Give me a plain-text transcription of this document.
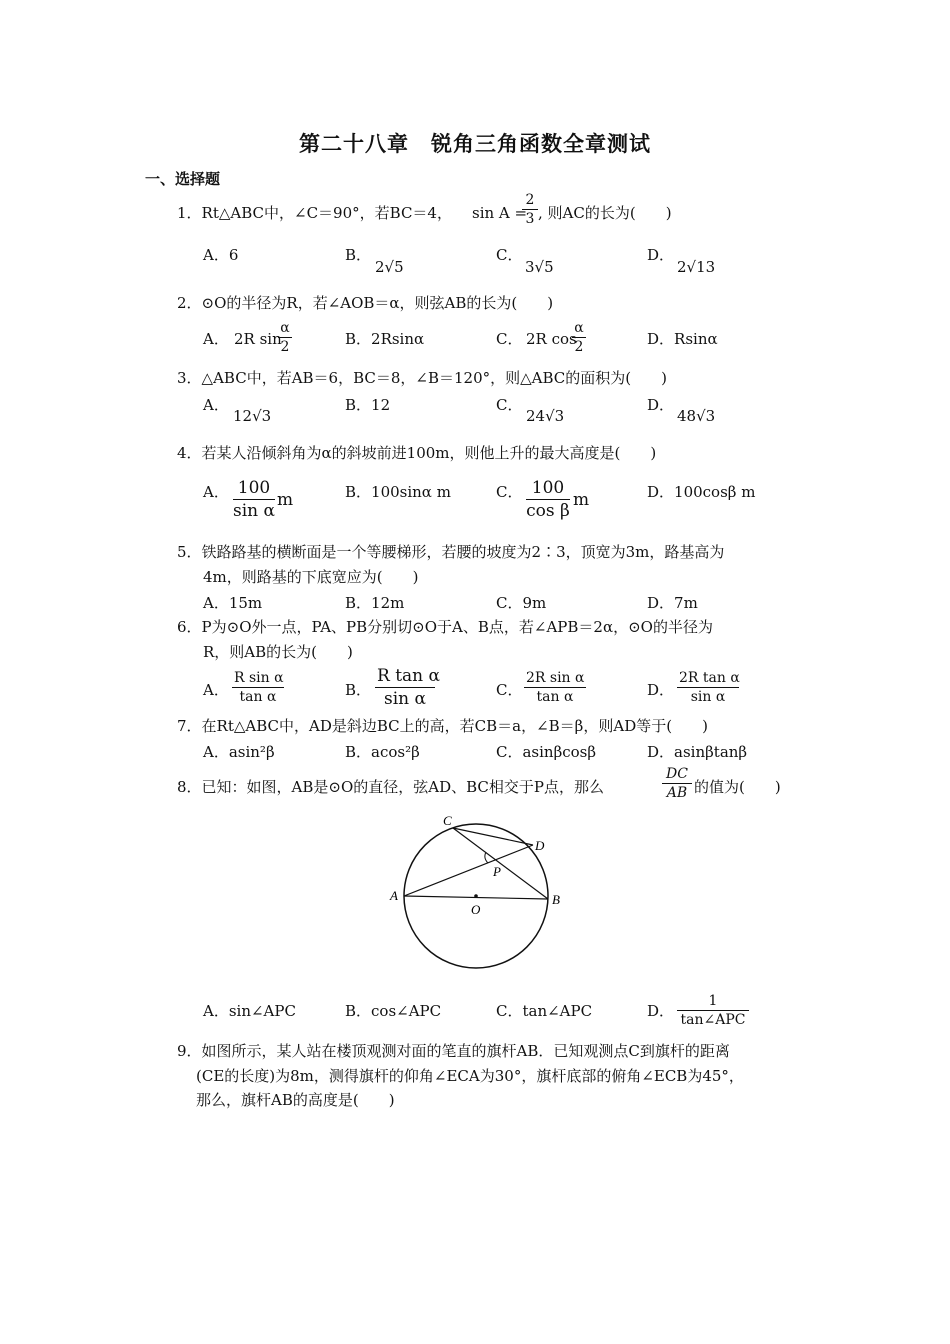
第二十八章　锐角三角函数全章测试
一、选择题
1．Rt△ABC中，∠C＝90°，若BC＝4， sin A =
$\frac{2}{3}$ , 则AC的长为(　　)
A．6	B．
2√5
C．
3√5
D．
2√13
2．⊙O的半径为R，若∠AOB＝α，则弦AB的长为(　　)
A． 2R sin
$\frac{\alpha}{2}$	B．2Rsinα	C． 2R cos
$\frac{\alpha}{2}$	D．Rsinα
3．△ABC中，若AB＝6，BC＝8，∠B＝120°，则△ABC的面积为(　　)
A．
12√3
B．12	C．
24√3
D．
48√3
4．若某人沿倾斜角为α的斜坡前进100m，则他上升的最大高度是(　　)
A． $\frac{100}{\text{sin α}}$ m	B．100sinα m	C． $\frac{100}{\text{cos β}}$ m	D．100cosβ m
5．铁路路基的横断面是一个等腰梯形，若腰的坡度为2∶3，顶宽为3m，路基高为
4m，则路基的下底宽应为(　　)
A．15m	B．12m	C．9m	D．7m
6．P为⊙O外一点，PA、PB分别切⊙O于A、B点，若∠APB＝2α，⊙O的半径为
R，则AB的长为(　　)
A． $\frac{\text{R sin α}}{\text{tan α}}$	B． $\frac{\text{R tan α}}{\text{sin α}}$	C． $\frac{\text{2R sin α}}{\text{tan α}}$	D． $\frac{\text{2R tan α}}{\text{sin α}}$
7．在Rt△ABC中，AD是斜边BC上的高，若CB＝a，∠B＝β，则AD等于(　　)
A．asin²β	B．acos²β	C．asinβcosβ	D．asinβtanβ
8．已知：如图，AB是⊙O的直径，弦AD、BC相交于P点，那么	$\frac{DC}{AB}$ 的值为(　　)
A	B
C
D
P
O
A．sin∠APC	B．cos∠APC	C．tan∠APC	D．
1
tan∠APC
9．如图所示，某人站在楼顶观测对面的笔直的旗杆AB．已知观测点C到旗杆的距离
(CE的长度)为8m，测得旗杆的仰角∠ECA为30°，旗杆底部的俯角∠ECB为45°，
那么，旗杆AB的高度是(　　)
